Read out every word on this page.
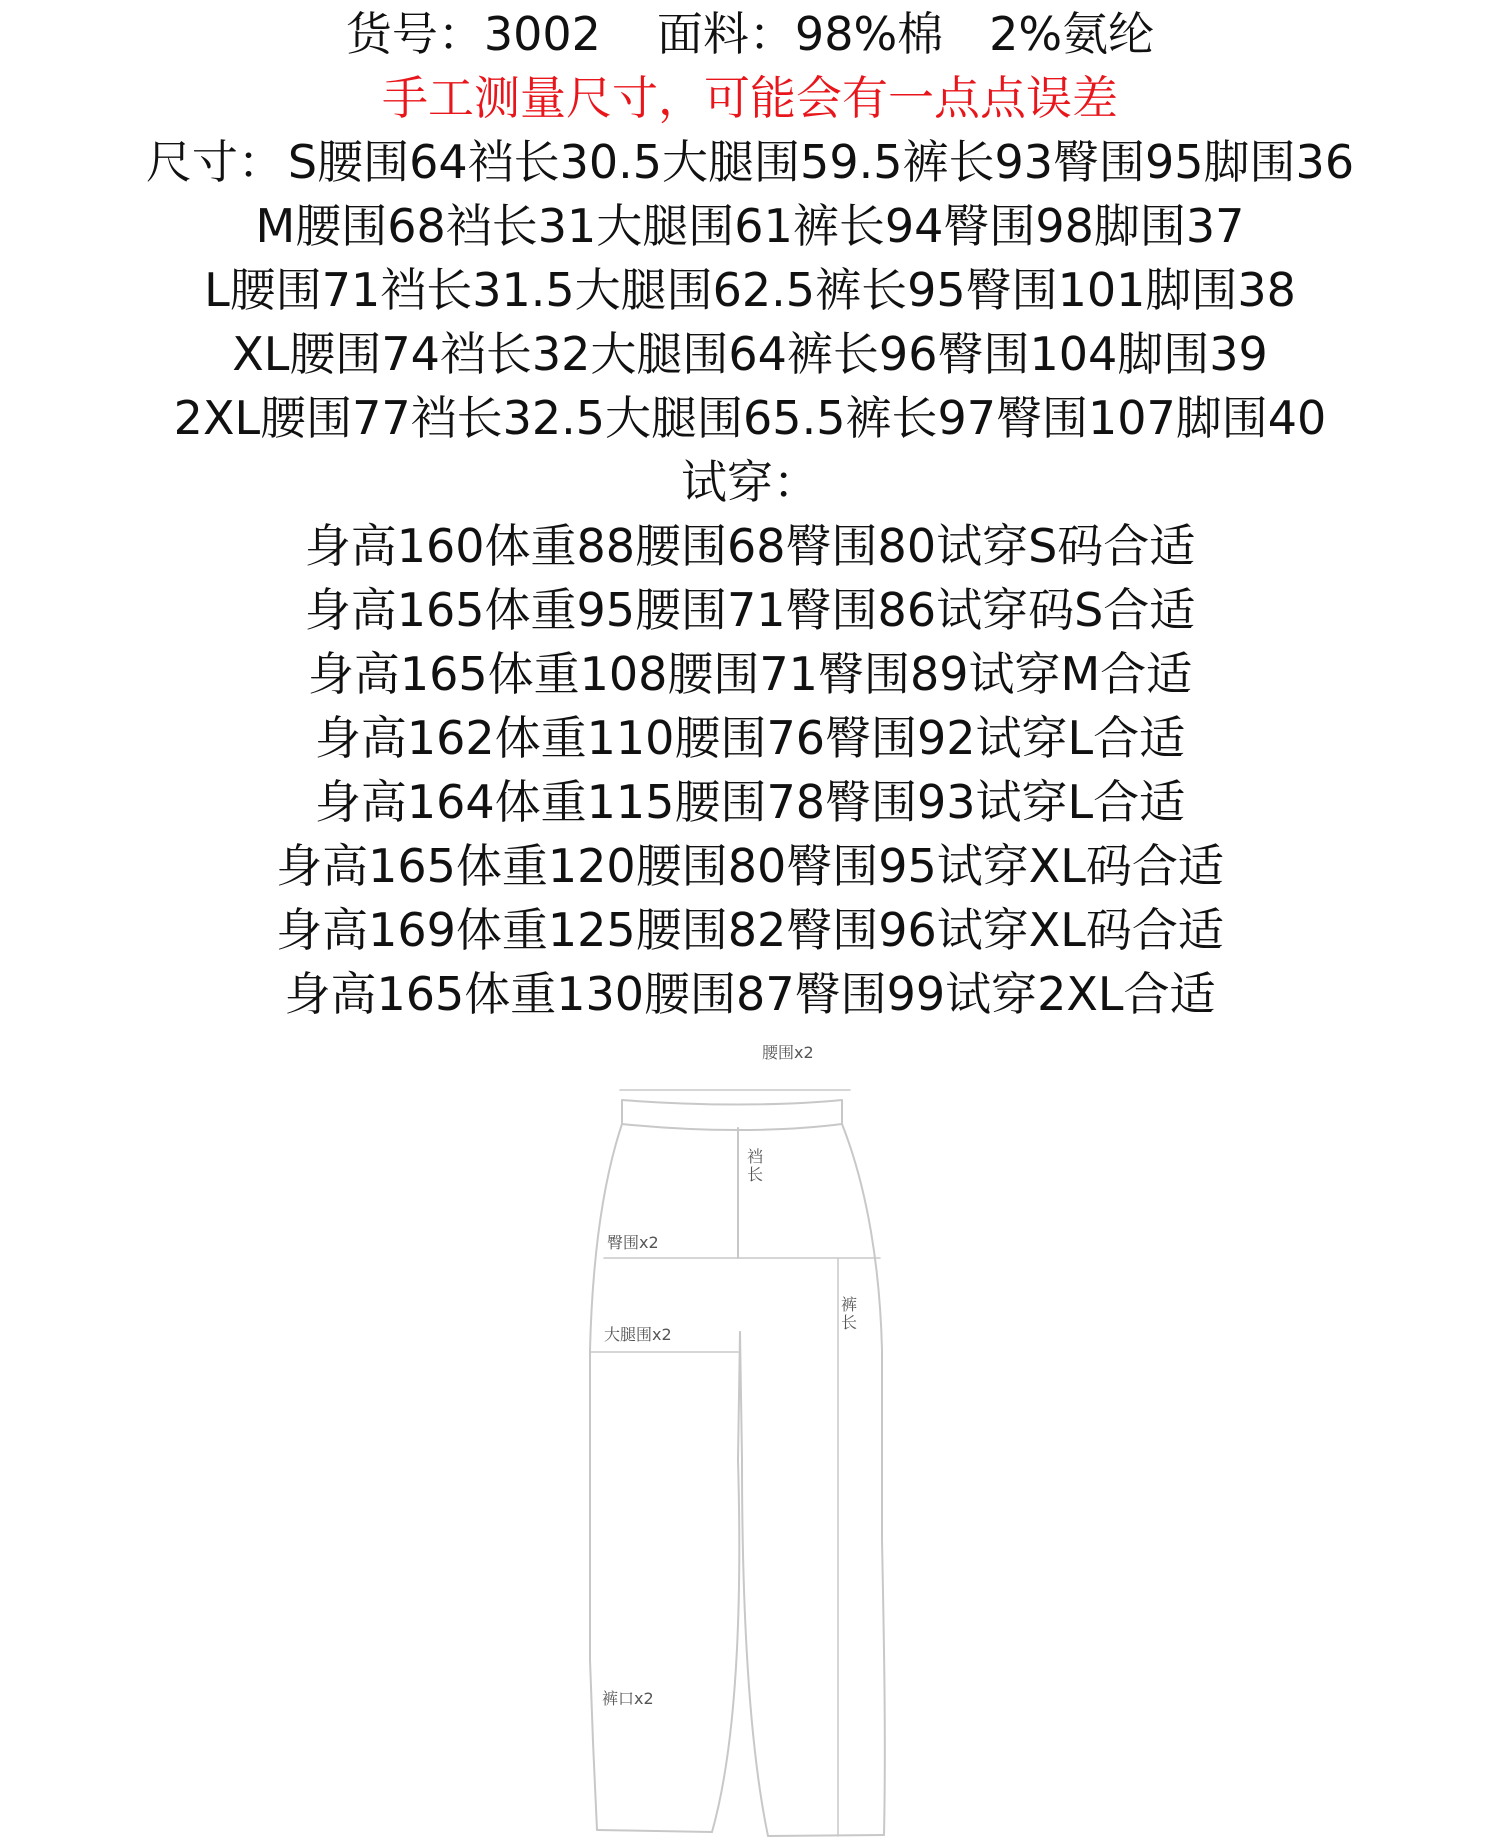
货号：3002 面料：98%棉　2%氨纶
手工测量尺寸，可能会有一点点误差
尺寸：S腰围64裆长30.5大腿围59.5裤长93臀围95脚围36
M腰围68裆长31大腿围61裤长94臀围98脚围37
L腰围71裆长31.5大腿围62.5裤长95臀围101脚围38
XL腰围74裆长32大腿围64裤长96臀围104脚围39
2XL腰围77裆长32.5大腿围65.5裤长97臀围107脚围40
试穿：
身高160体重88腰围68臀围80试穿S码合适
身高165体重95腰围71臀围86试穿码S合适
身高165体重108腰围71臀围89试穿M合适
身高162体重110腰围76臀围92试穿L合适
身高164体重115腰围78臀围93试穿L合适
身高165体重120腰围80臀围95试穿XL码合适
身高169体重125腰围82臀围96试穿XL码合适
身高165体重130腰围87臀围99试穿2XL合适
腰围x2
裆长
臀围x2
裤长
大腿围x2
裤口x2
